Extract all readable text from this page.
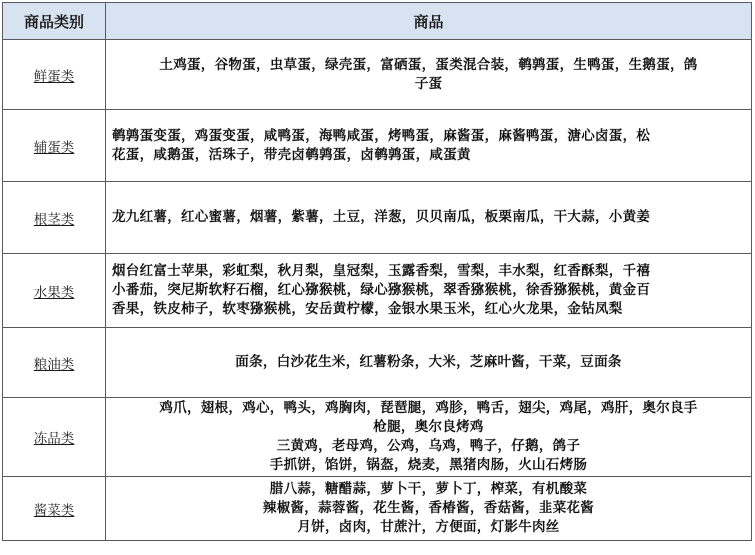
商品类别	商品
鲜蛋类	土鸡蛋，谷物蛋，虫草蛋，绿壳蛋，富硒蛋，蛋类混合装，鹌鹑蛋，生鸭蛋，生鹅蛋，鸽
子蛋

辅蛋类	鹌鹑蛋变蛋，鸡蛋变蛋，咸鸭蛋，海鸭咸蛋，烤鸭蛋，麻酱蛋，麻酱鸭蛋，溏心卤蛋，松
花蛋，咸鹅蛋，活珠子，带壳卤鹌鹑蛋，卤鹌鹑蛋，咸蛋黄

根茎类	龙九红薯，红心蜜薯，烟薯，紫薯，土豆，洋葱，贝贝南瓜，板栗南瓜，干大蒜，小黄姜

水果类	烟台红富士苹果，彩虹梨，秋月梨，皇冠梨，玉露香梨，雪梨，丰水梨，红香酥梨，千禧
小番茄，突尼斯软籽石榴，红心猕猴桃，绿心猕猴桃，翠香猕猴桃，徐香猕猴桃，黄金百
香果，铁皮柿子，软枣猕猴桃，安岳黄柠檬，金银水果玉米，红心火龙果，金钻凤梨

粮油类	面条，白沙花生米，红薯粉条，大米，芝麻叶酱，干菜，豆面条

冻品类	鸡爪，翅根，鸡心，鸭头，鸡胸肉，琵琶腿，鸡胗，鸭舌，翅尖，鸡尾，鸡肝，奥尔良手
枪腿，奥尔良烤鸡
三黄鸡，老母鸡，公鸡，乌鸡，鸭子，仔鹅，鸽子
手抓饼，馅饼，锅盔，烧麦，黑猪肉肠，火山石烤肠

酱菜类	腊八蒜，糖醋蒜，萝卜干，萝卜丁，榨菜，有机酸菜
辣椒酱，蒜蓉酱，花生酱，香椿酱，香菇酱，韭菜花酱
月饼，卤肉，甘蔗汁，方便面，灯影牛肉丝
